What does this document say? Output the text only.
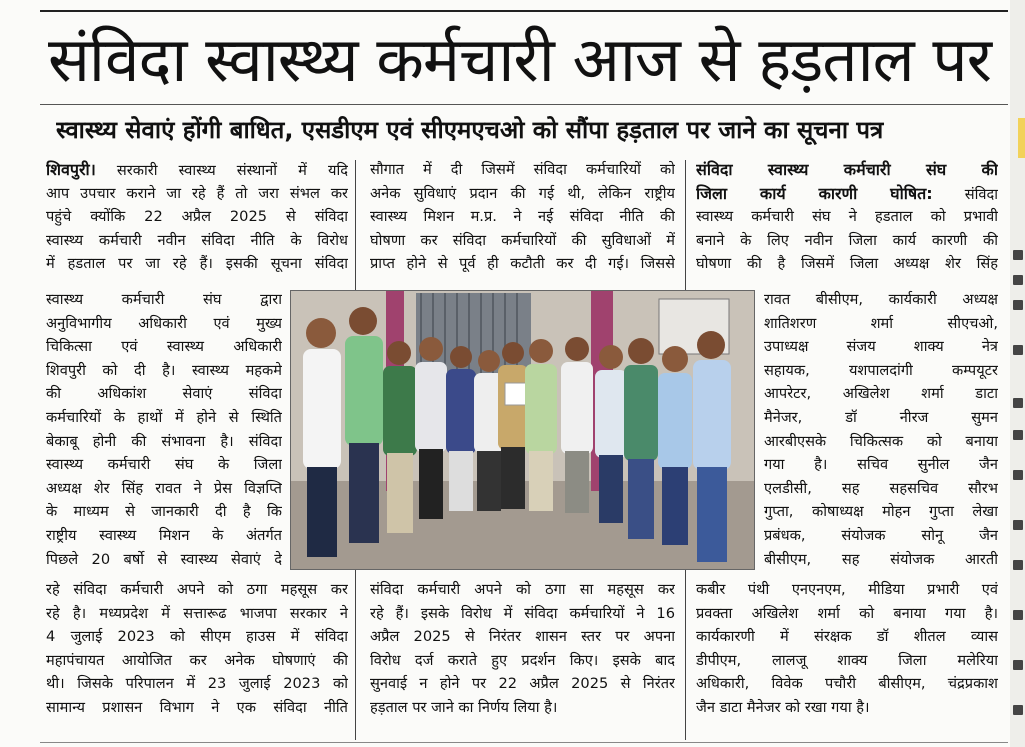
संविदा स्वास्थ्य कर्मचारी आज से हड़ताल पर
स्वास्थ्य सेवाएं होंगी बाधित, एसडीएम एवं सीएमएचओ को सौंपा हड़ताल पर जाने का सूचना पत्र
शिवपुरी। सरकारी स्वास्थ्य संस्थानों में यदि
आप उपचार कराने जा रहे हैं तो जरा संभल कर
पहुंचे क्योंकि 22 अप्रैल 2025 से संविदा
स्वास्थ्य कर्मचारी नवीन संविदा नीति के विरोध
में हडताल पर जा रहे हैं। इसकी सूचना संविदा
स्वास्थ्य कर्मचारी संघ द्वारा
अनुविभागीय अधिकारी एवं मुख्य
चिकित्सा एवं स्वास्थ्य अधिकारी
शिवपुरी को दी है। स्वास्थ्य महकमे
की अधिकांश सेवाएं संविदा
कर्मचारियों के हाथों में होने से स्थिति
बेकाबू होनी की संभावना है। संविदा
स्वास्थ्य कर्मचारी संघ के जिला
अध्यक्ष शेर सिंह रावत ने प्रेस विज्ञप्ति
के माध्यम से जानकारी दी है कि
राष्ट्रीय स्वास्थ्य मिशन के अंतर्गत
पिछले 20 बर्षो से स्वास्थ्य सेवाएं दे
रहे संविदा कर्मचारी अपने को ठगा महसूस कर
रहे है। मध्यप्रदेश में सत्तारूढ भाजपा सरकार ने
4 जुलाई 2023 को सीएम हाउस में संविदा
महापंचायत आयोजित कर अनेक घोषणाएं की
थी। जिसके परिपालन में 23 जुलाई 2023 को
सामान्य प्रशासन विभाग ने एक संविदा नीति
सौगात में दी जिसमें संविदा कर्मचारियों को
अनेक सुविधाएं प्रदान की गई थी, लेकिन राष्ट्रीय
स्वास्थ्य मिशन म.प्र. ने नई संविदा नीति की
घोषणा कर संविदा कर्मचारियों की सुविधाओं में
प्राप्त होने से पूर्व ही कटौती कर दी गई। जिससे
संविदा कर्मचारी अपने को ठगा सा महसूस कर
रहे हैं। इसके विरोध में संविदा कर्मचारियों ने 16
अप्रैल 2025 से निरंतर शासन स्तर पर अपना
विरोध दर्ज कराते हुए प्रदर्शन किए। इसके बाद
सुनवाई न होने पर 22 अप्रैल 2025 से निरंतर
हड़ताल पर जाने का निर्णय लिया है।
संविदा स्वास्थ्य कर्मचारी संघ की
जिला कार्य कारणी घोषित: संविदा
स्वास्थ्य कर्मचारी संघ ने हडताल को प्रभावी
बनाने के लिए नवीन जिला कार्य कारणी की
घोषणा की है जिसमें जिला अध्यक्ष शेर सिंह
रावत बीसीएम, कार्यकारी अध्यक्ष
शातिशरण शर्मा सीएचओ,
उपाध्यक्ष संजय शाक्य नेत्र
सहायक, यशपालदांगी कम्पयूटर
आपरेटर, अखिलेश शर्मा डाटा
मैनेजर, डॉ नीरज सुमन
आरबीएसके चिकित्सक को बनाया
गया है। सचिव सुनील जैन
एलडीसी, सह सहसचिव सौरभ
गुप्ता, कोषाध्यक्ष मोहन गुप्ता लेखा
प्रबंधक, संयोजक सोनू जैन
बीसीएम, सह संयोजक आरती
कबीर पंथी एनएनएम, मीडिया प्रभारी एवं
प्रवक्ता अखिलेश शर्मा को बनाया गया है।
कार्यकारणी में संरक्षक डॉ शीतल व्यास
डीपीएम, लालजू शाक्य जिला मलेरिया
अधिकारी, विवेक पचौरी बीसीएम, चंद्रप्रकाश
जैन डाटा मैनेजर को रखा गया है।
